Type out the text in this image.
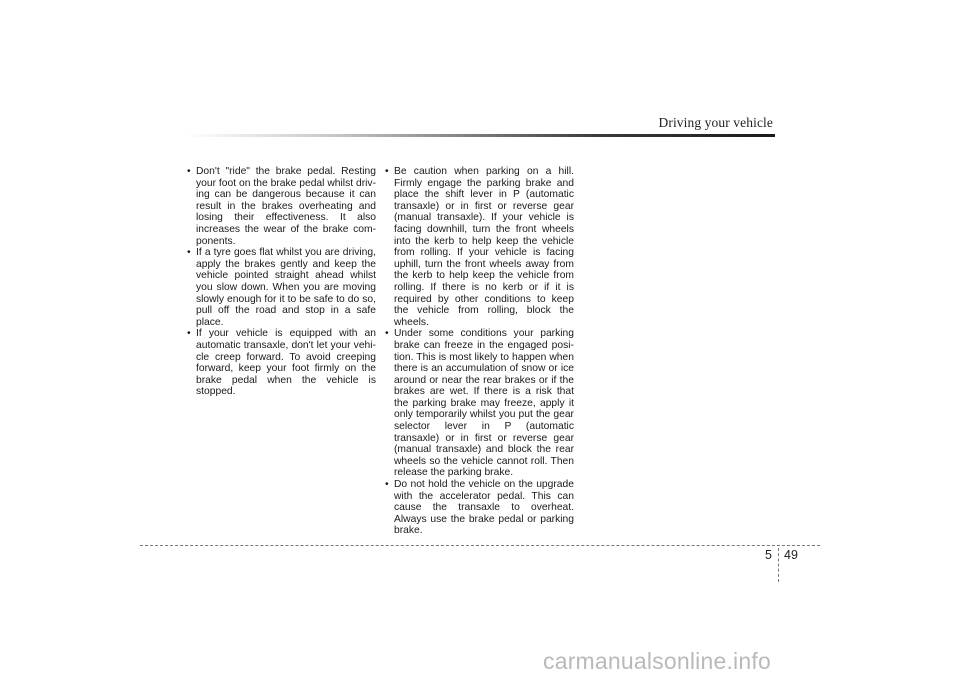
Driving your vehicle
• Don't "ride" the brake pedal. Resting your foot on the brake pedal whilst driv- ing can be dangerous because it can result in the brakes overheating and losing their effectiveness. It also increases the wear of the brake com- ponents.
• If a tyre goes flat whilst you are driving, apply the brakes gently and keep the vehicle pointed straight ahead whilst you slow down. When you are moving slowly enough for it to be safe to do so, pull off the road and stop in a safe place.
• If your vehicle is equipped with an automatic transaxle, don't let your vehi- cle creep forward. To avoid creeping forward, keep your foot firmly on the brake pedal when the vehicle is stopped.
• Be caution when parking on a hill. Firmly engage the parking brake and place the shift lever in P (automatic transaxle) or in first or reverse gear (manual transaxle). If your vehicle is facing downhill, turn the front wheels into the kerb to help keep the vehicle from rolling. If your vehicle is facing uphill, turn the front wheels away from the kerb to help keep the vehicle from rolling. If there is no kerb or if it is required by other conditions to keep the vehicle from rolling, block the wheels.
• Under some conditions your parking brake can freeze in the engaged posi- tion. This is most likely to happen when there is an accumulation of snow or ice around or near the rear brakes or if the brakes are wet. If there is a risk that the parking brake may freeze, apply it only temporarily whilst you put the gear selector lever in P (automatic transaxle) or in first or reverse gear (manual transaxle) and block the rear wheels so the vehicle cannot roll. Then release the parking brake.
• Do not hold the vehicle on the upgrade with the accelerator pedal. This can cause the transaxle to overheat. Always use the brake pedal or parking brake.
5 49
carmanualsonline.info
